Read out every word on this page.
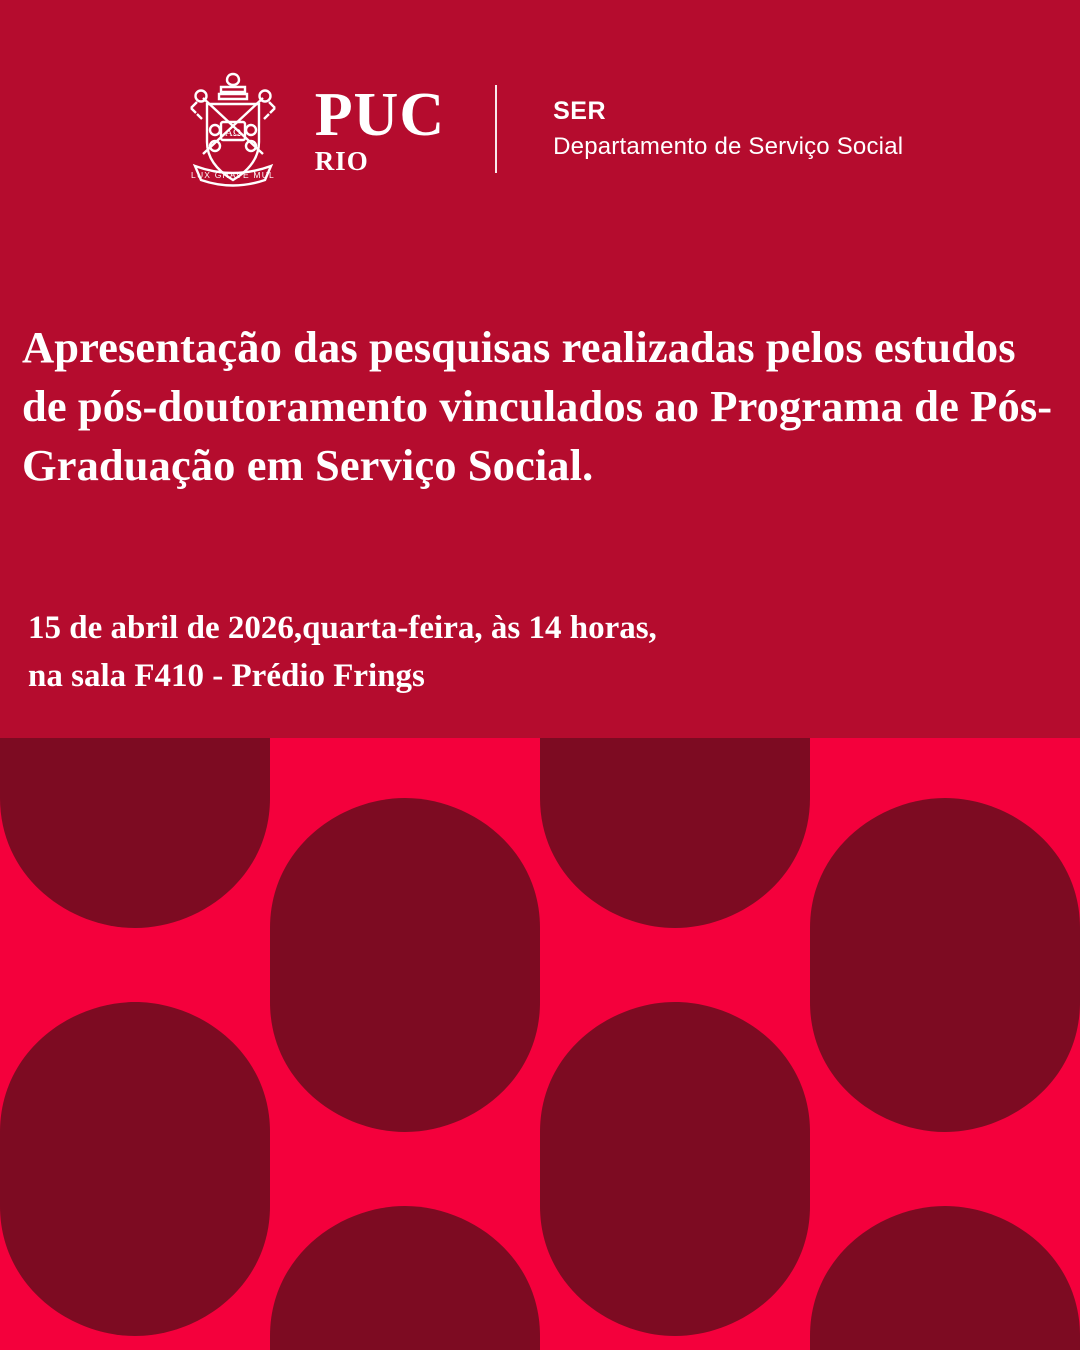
AΩ
LUX GRAVE MUL
PUC
RIO
SER
Departamento de Serviço Social

Apresentação das pesquisas realizadas pelos estudos de pós-doutoramento vinculados ao Programa de Pós-Graduação em Serviço Social.

15 de abril de 2026,quarta-feira, às 14 horas,
na sala F410 - Prédio Frings
